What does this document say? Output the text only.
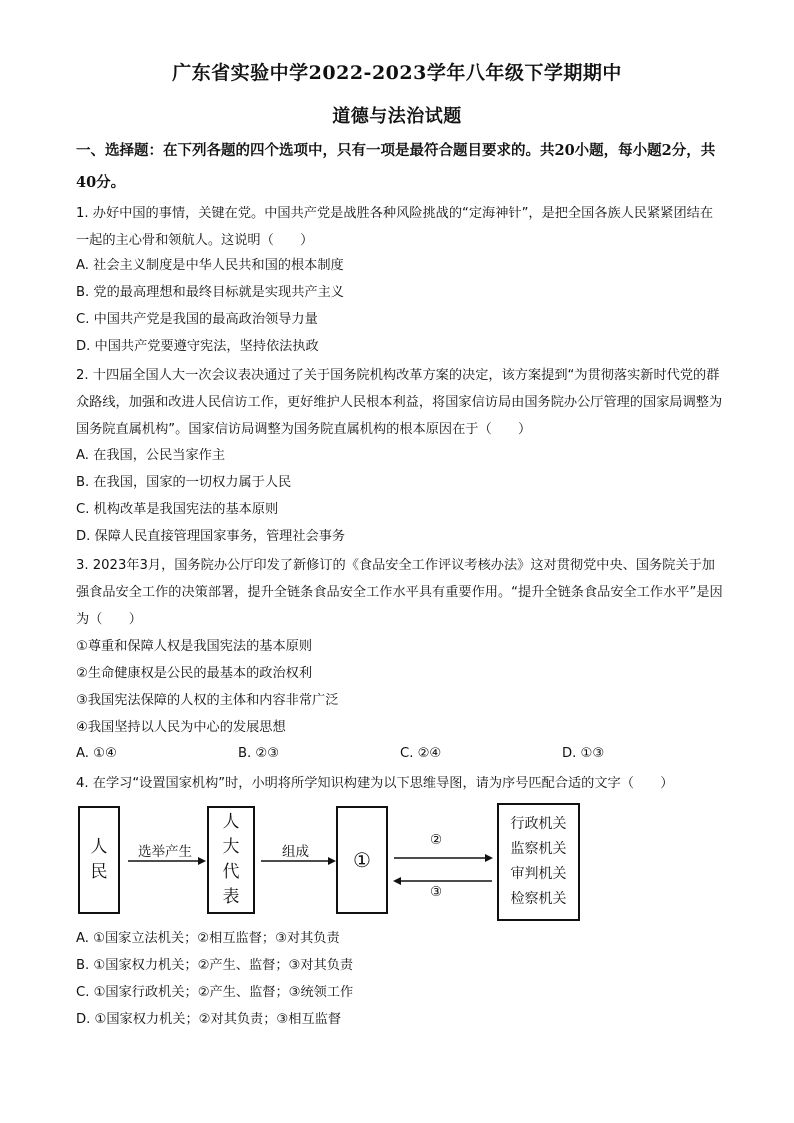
广东省实验中学2022-2023学年八年级下学期期中
道德与法治试题
一、选择题：在下列各题的四个选项中，只有一项是最符合题目要求的。共20小题，每小题2分，共40分。
1. 办好中国的事情，关键在党。中国共产党是战胜各种风险挑战的“定海神针”，是把全国各族人民紧紧团结在一起的主心骨和领航人。这说明（　　）
A. 社会主义制度是中华人民共和国的根本制度
B. 党的最高理想和最终目标就是实现共产主义
C. 中国共产党是我国的最高政治领导力量
D. 中国共产党要遵守宪法，坚持依法执政
2. 十四届全国人大一次会议表决通过了关于国务院机构改革方案的决定，该方案提到“为贯彻落实新时代党的群众路线，加强和改进人民信访工作，更好维护人民根本利益，将国家信访局由国务院办公厅管理的国家局调整为国务院直属机构”。国家信访局调整为国务院直属机构的根本原因在于（　　）
A. 在我国，公民当家作主
B. 在我国，国家的一切权力属于人民
C. 机构改革是我国宪法的基本原则
D. 保障人民直接管理国家事务，管理社会事务
3. 2023年3月，国务院办公厅印发了新修订的《食品安全工作评议考核办法》这对贯彻党中央、国务院关于加强食品安全工作的决策部署，提升全链条食品安全工作水平具有重要作用。“提升全链条食品安全工作水平”是因为（　　）
①尊重和保障人权是我国宪法的基本原则
②生命健康权是公民的最基本的政治权利
③我国宪法保障的人权的主体和内容非常广泛
④我国坚持以人民为中心的发展思想
A. ①④	B. ②③	C. ②④	D. ①③
4. 在学习“设置国家机构”时，小明将所学知识构建为以下思维导图，请为序号匹配合适的文字（　　）
人民
选举产生
人大代表
组成 ①
②
③
行政机关
监察机关
审判机关
检察机关
A. ①国家立法机关；②相互监督；③对其负责
B. ①国家权力机关；②产生、监督；③对其负责
C. ①国家行政机关；②产生、监督；③统领工作
D. ①国家权力机关；②对其负责；③相互监督
